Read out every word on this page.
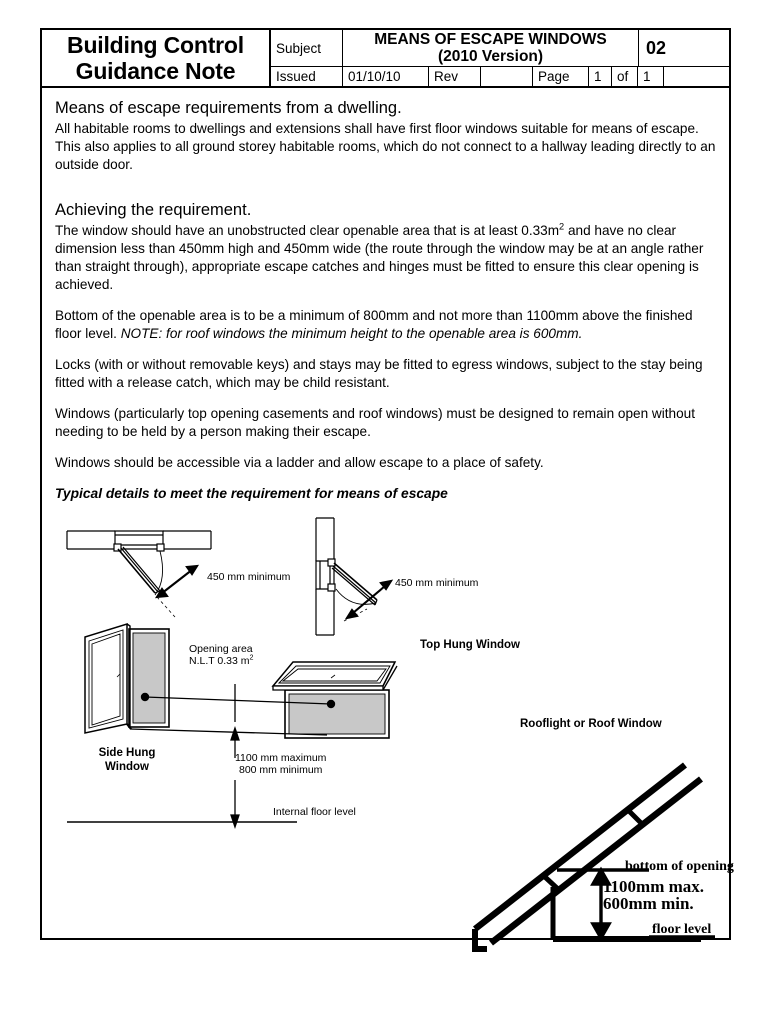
Building Control
Guidance Note
Subject
MEANS OF ESCAPE WINDOWS
(2010 Version)	02
Issued	01/10/10	Rev	Page	1	of	1

Means of escape requirements from a dwelling.

All habitable rooms to dwellings and extensions shall have first floor windows suitable for means of escape. This also applies to all ground storey habitable rooms, which do not connect to a hallway leading directly to an outside door.

Achieving the requirement.

The window should have an unobstructed clear openable area that is at least $0.33m^2$ and have no clear dimension less than 450mm high and 450mm wide (the route through the window may be at an angle rather than straight through), appropriate escape catches and hinges must be fitted to ensure this clear opening is achieved.

Bottom of the openable area is to be a minimum of 800mm and not more than 1100mm above the finished floor level. NOTE: for roof windows the minimum height to the openable area is 600mm.

Locks (with or without removable keys) and stays may be fitted to egress windows, subject to the stay being fitted with a release catch, which may be child resistant.

Windows (particularly top opening casements and roof windows) must be designed to remain open without needing to be held by a person making their escape.

Windows should be accessible via a ladder and allow escape to a place of safety.

Typical details to meet the requirement for means of escape

450 mm minimum	450 mm minimum
Top Hung Window
Side Hung
Window
Opening area
N.L.T 0.33 $m^2$
1100 mm maximum
800 mm minimum
Internal floor level
Rooflight or Roof Window
bottom of opening
1100mm max.
600mm min.
floor level
